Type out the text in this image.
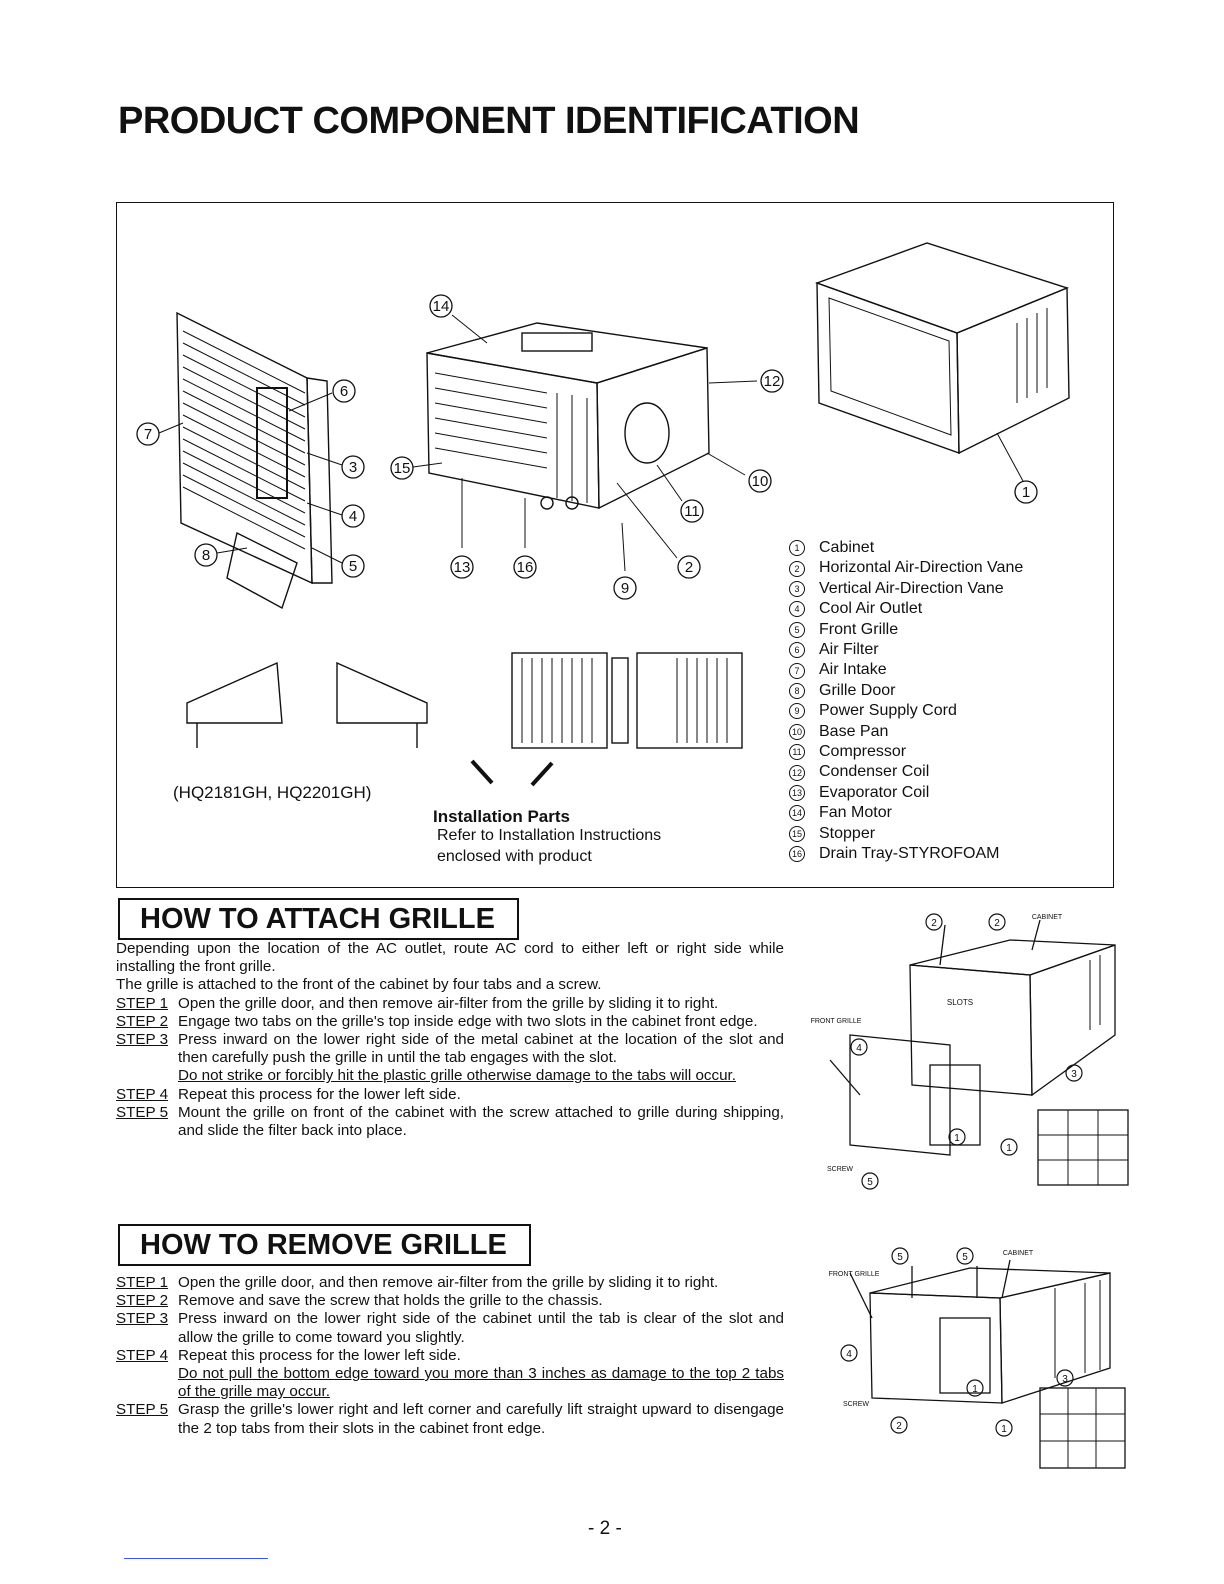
PRODUCT COMPONENT IDENTIFICATION
14
6
7
3 15
4
8
5	13	16
9
2
11
10
12
1
1	Cabinet
2	Horizontal Air-Direction Vane
3	Vertical Air-Direction Vane
4	Cool Air Outlet
5	Front Grille
6	Air Filter
7	Air Intake
8	Grille Door
9	Power Supply Cord
10 Base Pan
11 Compressor
12 Condenser Coil
13 Evaporator Coil
14 Fan Motor
15 Stopper
16 Drain Tray-STYROFOAM
(HQ2181GH, HQ2201GH)
Installation Parts
Refer to Installation Instructions
enclosed with product
HOW TO ATTACH GRILLE
Depending upon the location of the AC outlet, route AC cord to either left or right side while installing the front grille.
The grille is attached to the front of the cabinet by four tabs and a screw.
STEP 1 Open the grille door, and then remove air-filter from the grille by sliding it to right.
STEP 2 Engage two tabs on the grille's top inside edge with two slots in the cabinet front edge.
STEP 3 Press inward on the lower right side of the metal cabinet at the location of the slot and then carefully push the grille in until the tab engages with the slot.
Do not strike or forcibly hit the plastic grille otherwise damage to the tabs will occur.
STEP 4 Repeat this process for the lower left side.
STEP 5 Mount the grille on front of the cabinet with the screw attached to grille during shipping, and slide the filter back into place.
2	2
CABINET
SLOTS
FRONT GRILLE
4
3
1
1
SCREW
5
HOW TO REMOVE GRILLE
STEP 1 Open the grille door, and then remove air-filter from the grille by sliding it to right.
STEP 2 Remove and save the screw that holds the grille to the chassis.
STEP 3 Press inward on the lower right side of the cabinet until the tab is clear of the slot and allow the grille to come toward you slightly.
STEP 4 Repeat this process for the lower left side.
Do not pull the bottom edge toward you more than 3 inches as damage to the top 2 tabs of the grille may occur.
STEP 5 Grasp the grille's lower right and left corner and carefully lift straight upward to disengage the 2 top tabs from their slots in the cabinet front edge.
5	5	CABINET
FRONT GRILLE
4
3
1
1
SCREW
2
- 2 -
